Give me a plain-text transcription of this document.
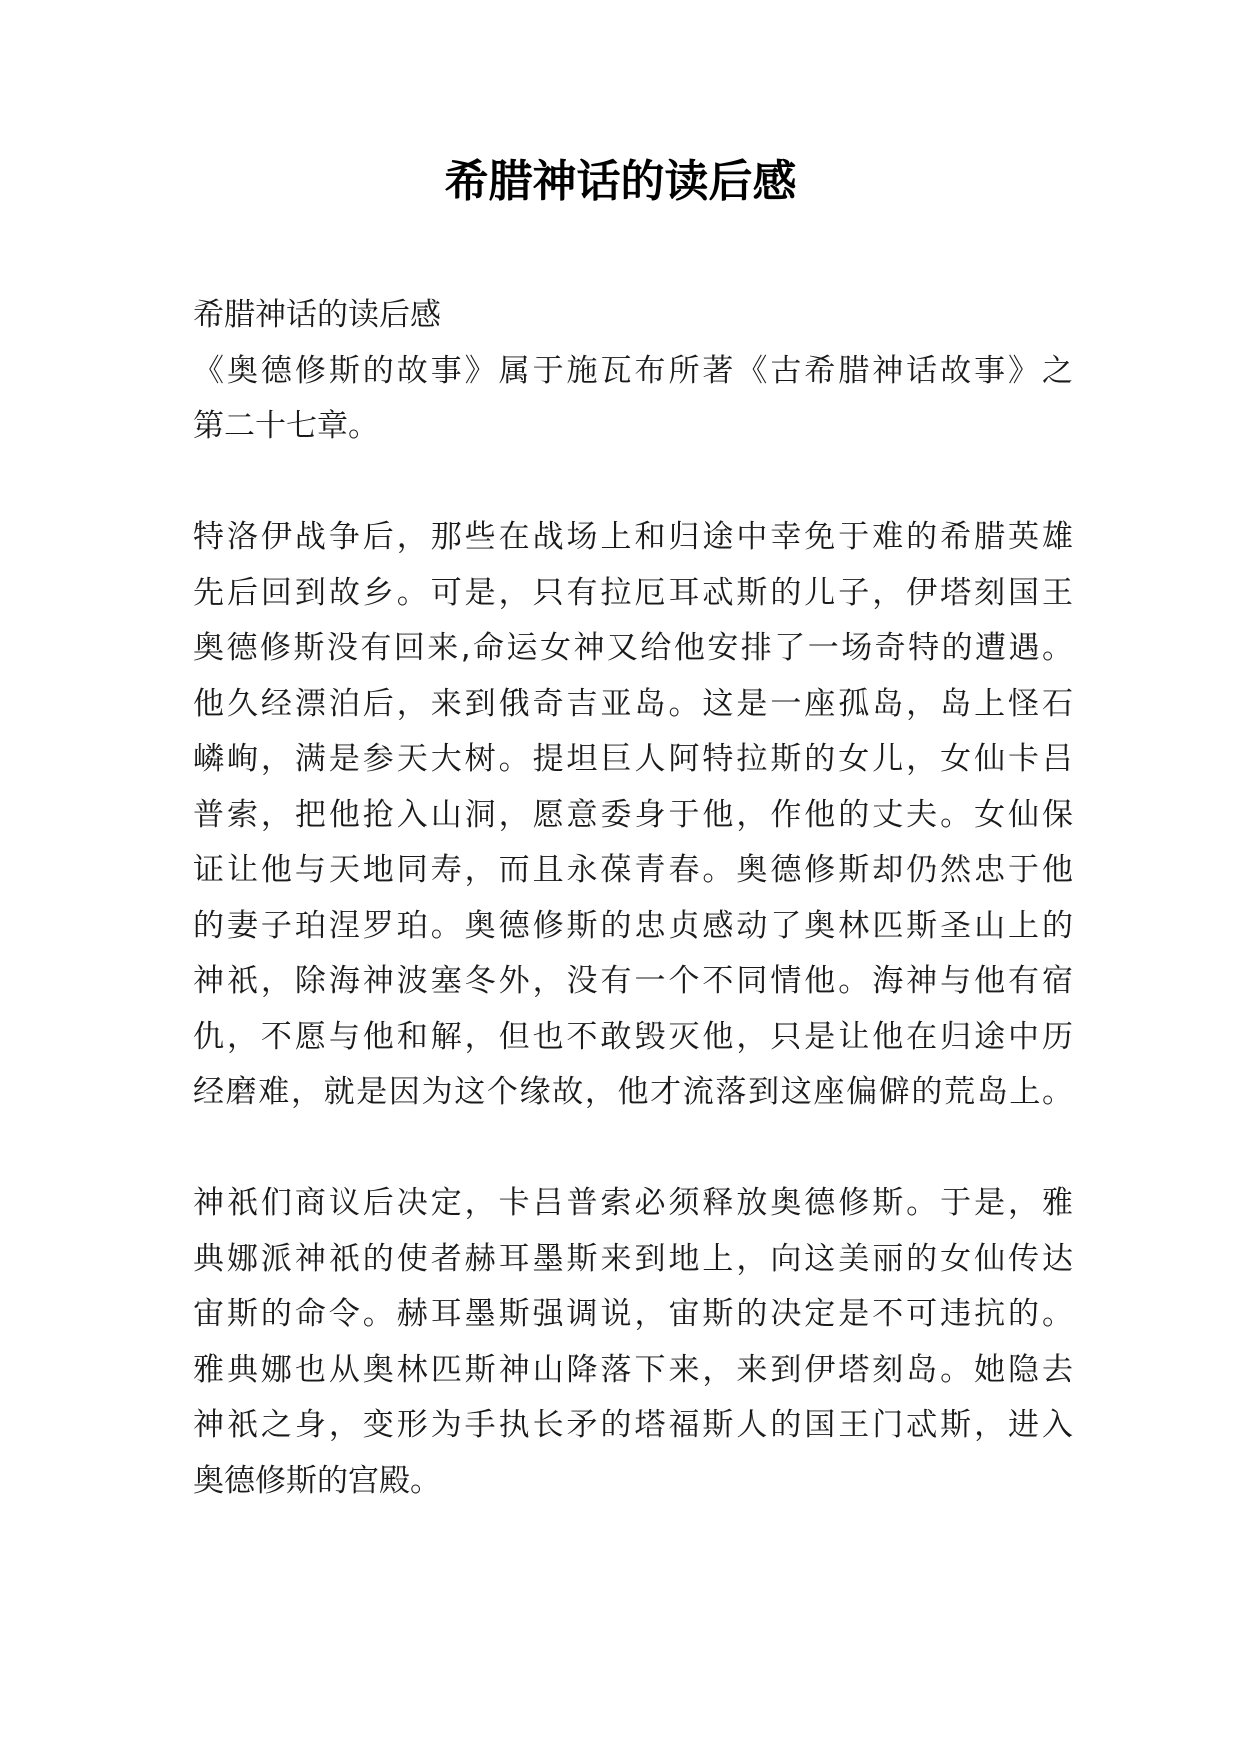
希腊神话的读后感
希腊神话的读后感
《奥德修斯的故事》属于施瓦布所著《古希腊神话故事》之
第二十七章。
特洛伊战争后，那些在战场上和归途中幸免于难的希腊英雄
先后回到故乡。可是，只有拉厄耳忒斯的儿子，伊塔刻国王
奥德修斯没有回来,命运女神又给他安排了一场奇特的遭遇。
他久经漂泊后，来到俄奇吉亚岛。这是一座孤岛，岛上怪石
嶙峋，满是参天大树。提坦巨人阿特拉斯的女儿，女仙卡吕
普索，把他抢入山洞，愿意委身于他，作他的丈夫。女仙保
证让他与天地同寿，而且永葆青春。奥德修斯却仍然忠于他
的妻子珀涅罗珀。奥德修斯的忠贞感动了奥林匹斯圣山上的
神祇，除海神波塞冬外，没有一个不同情他。海神与他有宿
仇，不愿与他和解，但也不敢毁灭他，只是让他在归途中历
经磨难，就是因为这个缘故，他才流落到这座偏僻的荒岛上。
神祇们商议后决定，卡吕普索必须释放奥德修斯。于是，雅
典娜派神祇的使者赫耳墨斯来到地上，向这美丽的女仙传达
宙斯的命令。赫耳墨斯强调说，宙斯的决定是不可违抗的。
雅典娜也从奥林匹斯神山降落下来，来到伊塔刻岛。她隐去
神祇之身，变形为手执长矛的塔福斯人的国王门忒斯，进入
奥德修斯的宫殿。
